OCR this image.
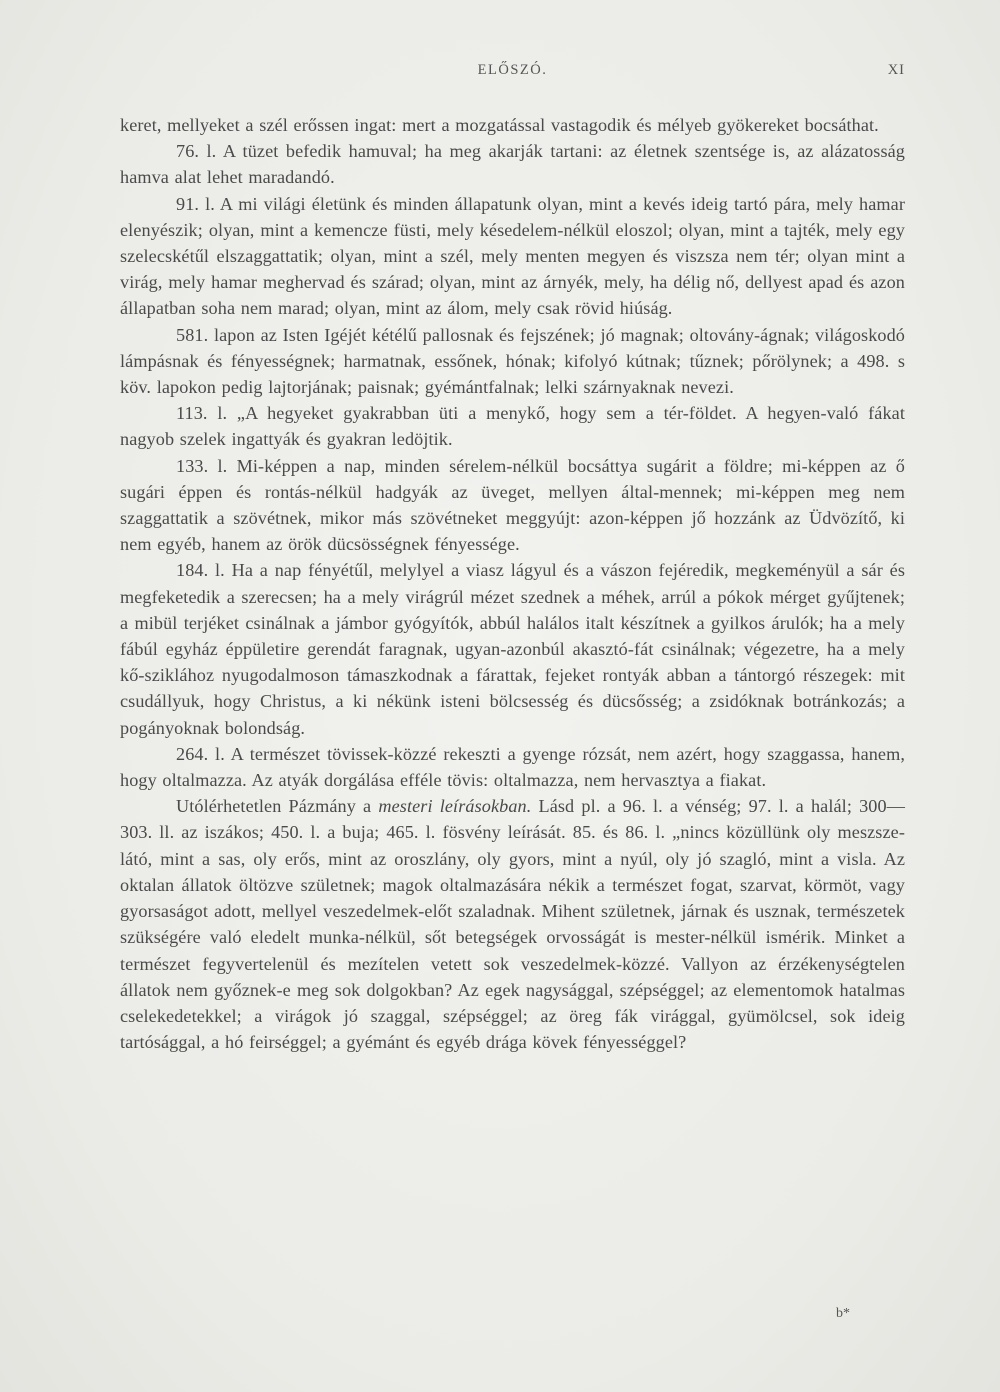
ELŐSZÓ.	XI

keret, mellyeket a szél erőssen ingat: mert a mozgatással vastagodik és mélyeb gyökereket bocsáthat.

76. l. A tüzet befedik hamuval; ha meg akarják tartani: az életnek szentsége is, az alázatosság hamva alat lehet maradandó.

91. l. A mi világi életünk és minden állapatunk olyan, mint a kevés ideig tartó pára, mely hamar elenyészik; olyan, mint a kemencze füsti, mely késedelem-nélkül eloszol; olyan, mint a tajték, mely egy szelecskétűl elszaggattatik; olyan, mint a szél, mely menten megyen és viszsza nem tér; olyan mint a virág, mely hamar meghervad és szárad; olyan, mint az árnyék, mely, ha délig nő, dellyest apad és azon állapatban soha nem marad; olyan, mint az álom, mely csak rövid hiúság.

581. lapon az Isten Igéjét kétélű pallosnak és fejszének; jó magnak; oltovány-ágnak; világoskodó lámpásnak és fényességnek; harmatnak, essőnek, hónak; kifolyó kútnak; tűznek; pőrölynek; a 498. s köv. lapokon pedig lajtorjának; paisnak; gyémántfalnak; lelki szárnyaknak nevezi.

113. l. „A hegyeket gyakrabban üti a menykő, hogy sem a tér-földet. A hegyen-való fákat nagyob szelek ingattyák és gyakran ledöjtik.

133. l. Mi-képpen a nap, minden sérelem-nélkül bocsáttya sugárit a földre; mi-képpen az ő sugári éppen és rontás-nélkül hadgyák az üveget, mellyen által-mennek; mi-képpen meg nem szaggattatik a szövétnek, mikor más szövétneket meggyújt: azon-képpen jő hozzánk az Üdvözítő, ki nem egyéb, hanem az örök dücsösségnek fényessége.

184. l. Ha a nap fényétűl, melylyel a viasz lágyul és a vászon fejéredik, megkeményül a sár és megfeketedik a szerecsen; ha a mely virágrúl mézet szednek a méhek, arrúl a pókok mérget gyűjtenek; a mibül terjéket csinálnak a jámbor gyógyítók, abbúl halálos italt készítnek a gyilkos árulók; ha a mely fábúl egyház éppületire gerendát faragnak, ugyan-azonbúl akasztó-fát csinálnak; végezetre, ha a mely kő-sziklához nyugodalmoson támaszkodnak a fárattak, fejeket rontyák abban a tántorgó részegek: mit csudállyuk, hogy Christus, a ki nékünk isteni bölcsesség és dücsősség; a zsidóknak botránkozás; a pogányoknak bolondság.

264. l. A természet tövissek-közzé rekeszti a gyenge rózsát, nem azért, hogy szaggassa, hanem, hogy oltalmazza. Az atyák dorgálása efféle tövis: oltalmazza, nem hervasztya a fiakat.

Utólérhetetlen Pázmány a mesteri leírásokban. Lásd pl. a 96. l. a vénség; 97. l. a halál; 300—303. ll. az iszákos; 450. l. a buja; 465. l. fösvény leírását. 85. és 86. l. „nincs közüllünk oly meszsze-látó, mint a sas, oly erős, mint az oroszlány, oly gyors, mint a nyúl, oly jó szagló, mint a visla. Az oktalan állatok öltözve születnek; magok oltalmazására nékik a természet fogat, szarvat, körmöt, vagy gyorsaságot adott, mellyel veszedelmek-előt szaladnak. Mihent születnek, járnak és usznak, természetek szükségére való eledelt munka-nélkül, sőt betegségek orvosságát is mester-nélkül ismérik. Minket a természet fegyvertelenül és mezítelen vetett sok veszedelmek-közzé. Vallyon az érzékenységtelen állatok nem győznek-e meg sok dolgokban? Az egek nagysággal, szépséggel; az elementomok hatalmas cselekedetekkel; a virágok jó szaggal, szépséggel; az öreg fák virággal, gyümölcsel, sok ideig tartósággal, a hó feirséggel; a gyémánt és egyéb drága kövek fényességgel?

b*
